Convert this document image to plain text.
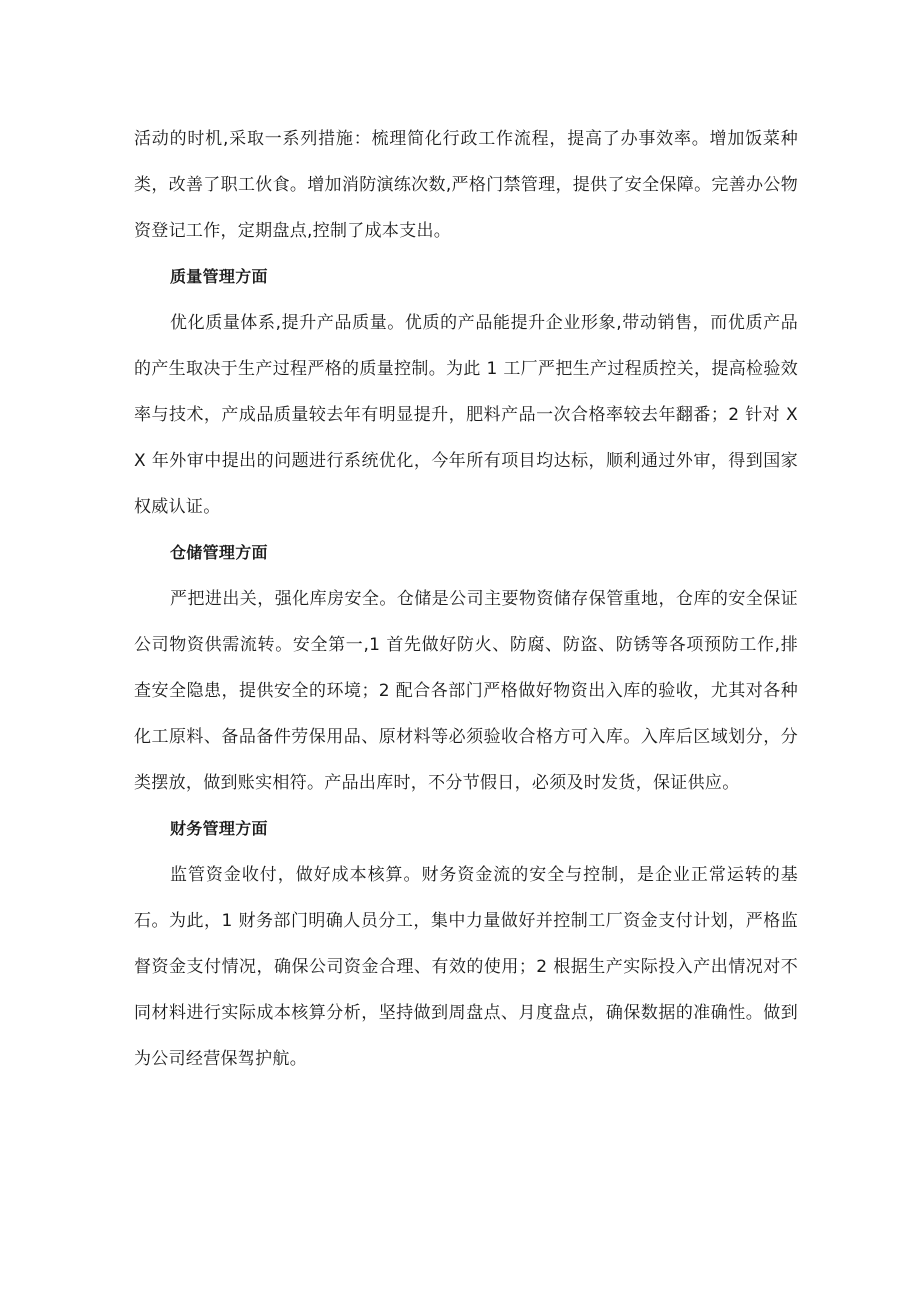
活动的时机,采取一系列措施：梳理简化行政工作流程，提高了办事效率。增加饭菜种类，改善了职工伙食。增加消防演练次数,严格门禁管理，提供了安全保障。完善办公物资登记工作，定期盘点,控制了成本支出。

质量管理方面

优化质量体系,提升产品质量。优质的产品能提升企业形象,带动销售，而优质产品的产生取决于生产过程严格的质量控制。为此 1 工厂严把生产过程质控关，提高检验效率与技术，产成品质量较去年有明显提升，肥料产品一次合格率较去年翻番；2 针对 XX 年外审中提出的问题进行系统优化，今年所有项目均达标，顺利通过外审，得到国家权威认证。

仓储管理方面

严把进出关，强化库房安全。仓储是公司主要物资储存保管重地，仓库的安全保证公司物资供需流转。安全第一,1 首先做好防火、防腐、防盗、防锈等各项预防工作,排查安全隐患，提供安全的环境；2 配合各部门严格做好物资出入库的验收，尤其对各种化工原料、备品备件劳保用品、原材料等必须验收合格方可入库。入库后区域划分，分类摆放，做到账实相符。产品出库时，不分节假日，必须及时发货，保证供应。

财务管理方面

监管资金收付，做好成本核算。财务资金流的安全与控制，是企业正常运转的基石。为此，1 财务部门明确人员分工，集中力量做好并控制工厂资金支付计划，严格监督资金支付情况，确保公司资金合理、有效的使用；2 根据生产实际投入产出情况对不同材料进行实际成本核算分析，坚持做到周盘点、月度盘点，确保数据的准确性。做到为公司经营保驾护航。
